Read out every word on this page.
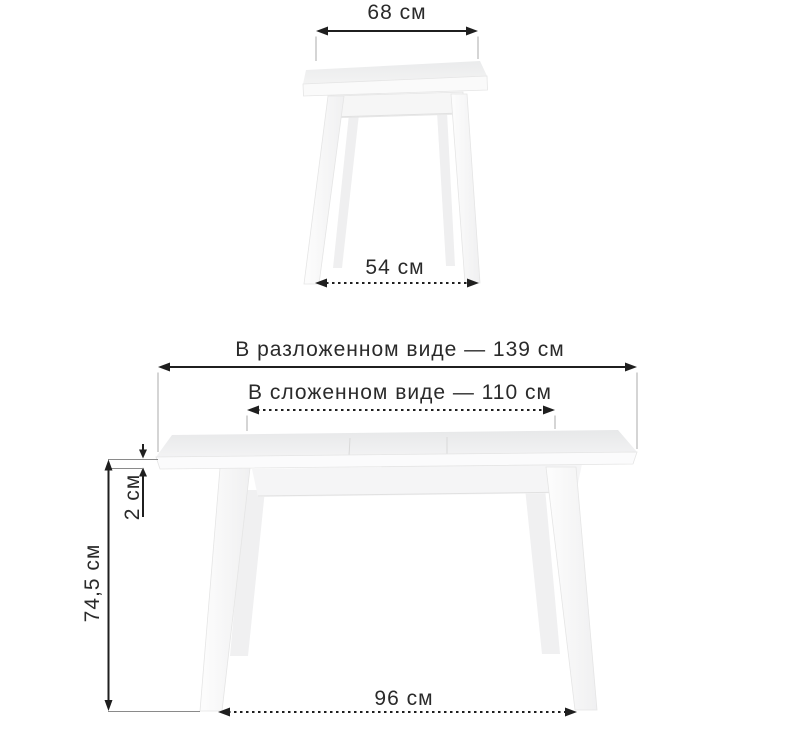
68 см
54 см
В разложенном виде — 139 см
В сложенном виде — 110 см
2 см
74,5 см
96 см
